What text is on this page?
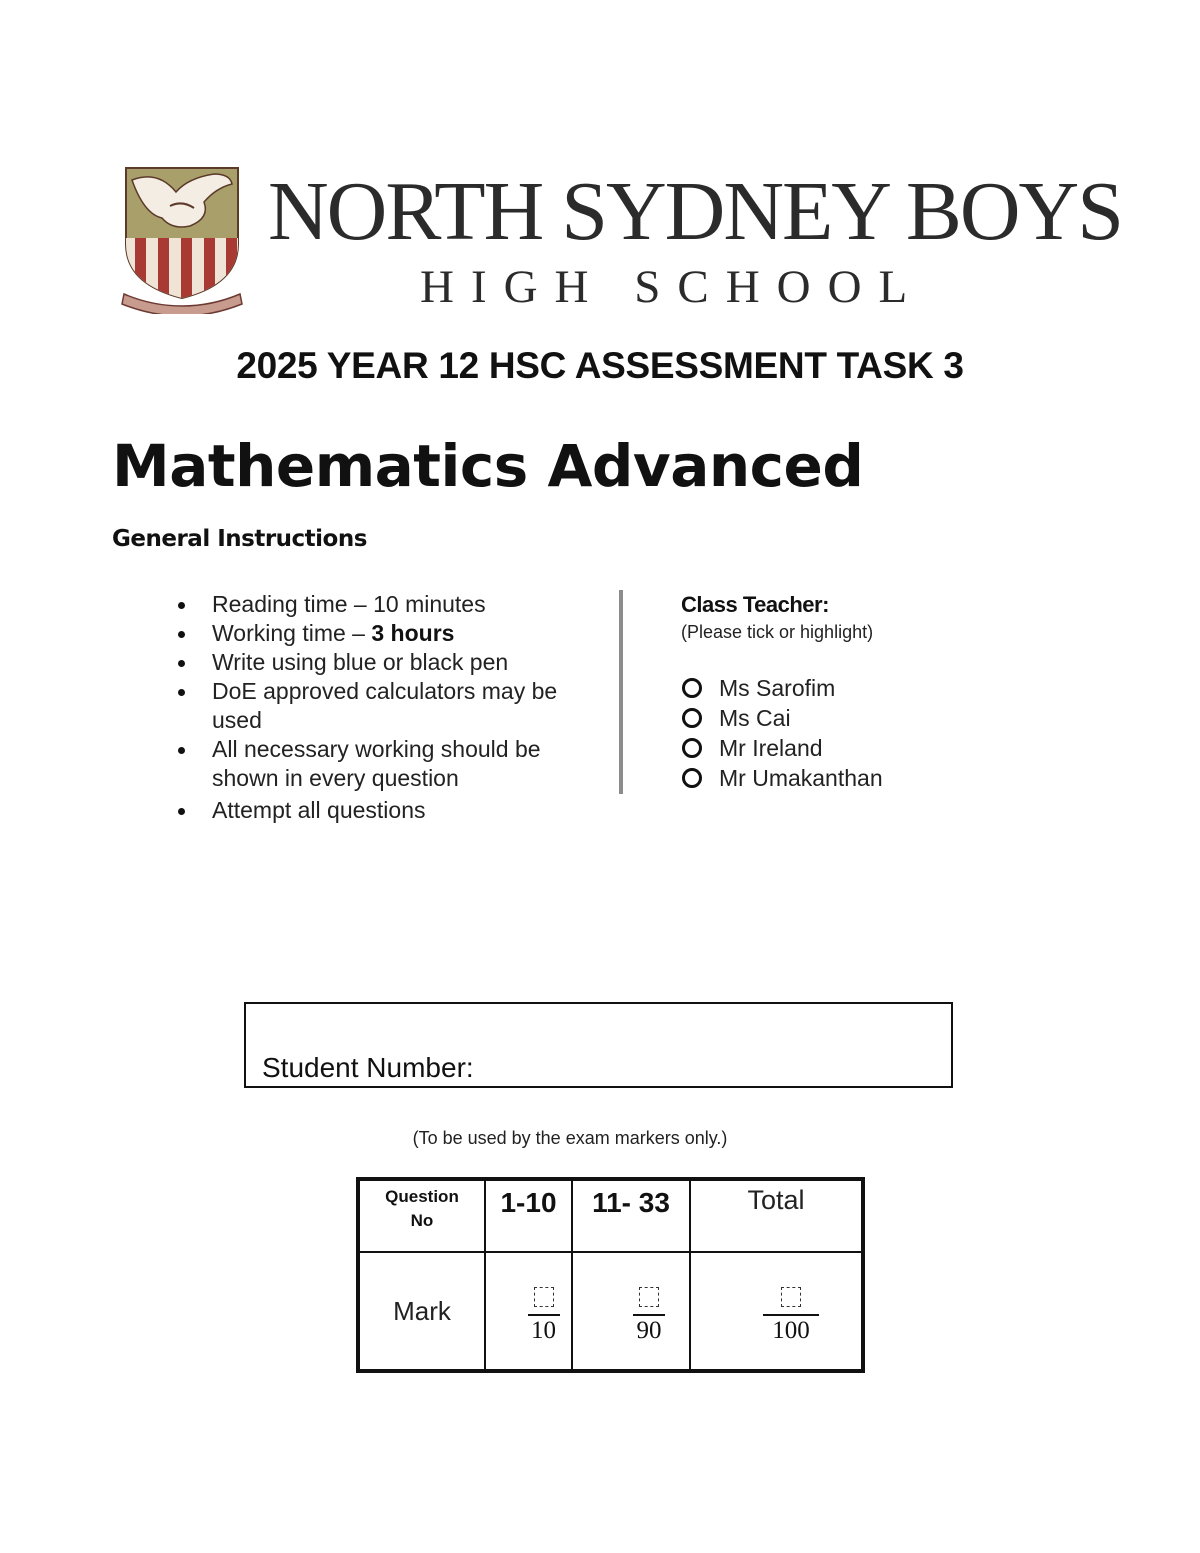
NORTH SYDNEY BOYS
HIGH SCHOOL
2025 YEAR 12 HSC ASSESSMENT TASK 3
Mathematics Advanced
General Instructions
Reading time – 10 minutes
Working time – 3 hours
Write using blue or black pen
DoE approved calculators may be used
All necessary working should be shown in every question
Attempt all questions
Class Teacher:
(Please tick or highlight)
Ms Sarofim
Ms Cai
Mr Ireland
Mr Umakanthan
Student Number:
(To be used by the exam markers only.)
Question
No	1-10	11- 33	Total
Mark	10	90	100
